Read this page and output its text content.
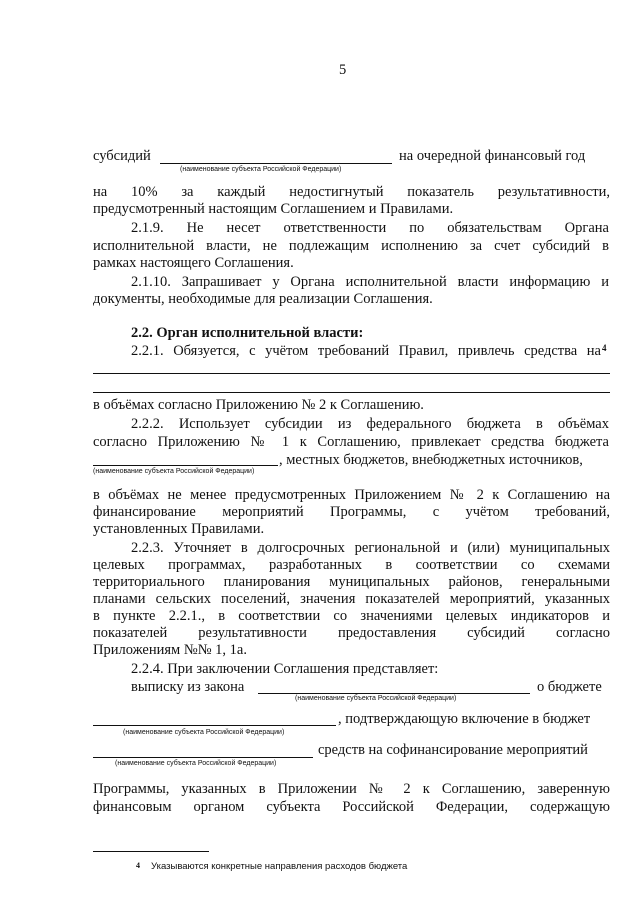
5
субсидий	на очередной финансовый год
(наименование субъекта Российской Федерации)
на 10% за каждый недостигнутый показатель результативности,
предусмотренный настоящим Соглашением и Правилами.
2.1.9. Не несет ответственности по обязательствам Органа
исполнительной власти, не подлежащим исполнению за счет субсидий в
рамках настоящего Соглашения.
2.1.10. Запрашивает у Органа исполнительной власти информацию и
документы, необходимые для реализации Соглашения.
2.2. Орган исполнительной власти:
2.2.1. Обязуется, с учётом требований Правил, привлечь средства на 4
в объёмах согласно Приложению № 2 к Соглашению.
2.2.2. Использует субсидии из федерального бюджета в объёмах
согласно Приложению № 1 к Соглашению, привлекает средства бюджета
, местных бюджетов, внебюджетных источников,
(наименование субъекта Российской Федерации)
в объёмах не менее предусмотренных Приложением № 2 к Соглашению на
финансирование мероприятий Программы, с учётом требований,
установленных Правилами.
2.2.3. Уточняет в долгосрочных региональной и (или) муниципальных
целевых программах, разработанных в соответствии со схемами
территориального планирования муниципальных районов, генеральными
планами сельских поселений, значения показателей мероприятий, указанных
в пункте 2.2.1., в соответствии со значениями целевых индикаторов и
показателей результативности предоставления субсидий согласно
Приложениям №№ 1, 1а.
2.2.4. При заключении Соглашения представляет:
выписку из закона	о бюджете
(наименование субъекта Российской Федерации)
, подтверждающую включение в бюджет
(наименование субъекта Российской Федерации)
средств на софинансирование мероприятий
(наименование субъекта Российской Федерации)
Программы, указанных в Приложении № 2 к Соглашению, заверенную
финансовым органом субъекта Российской Федерации, содержащую
4 Указываются конкретные направления расходов бюджета
